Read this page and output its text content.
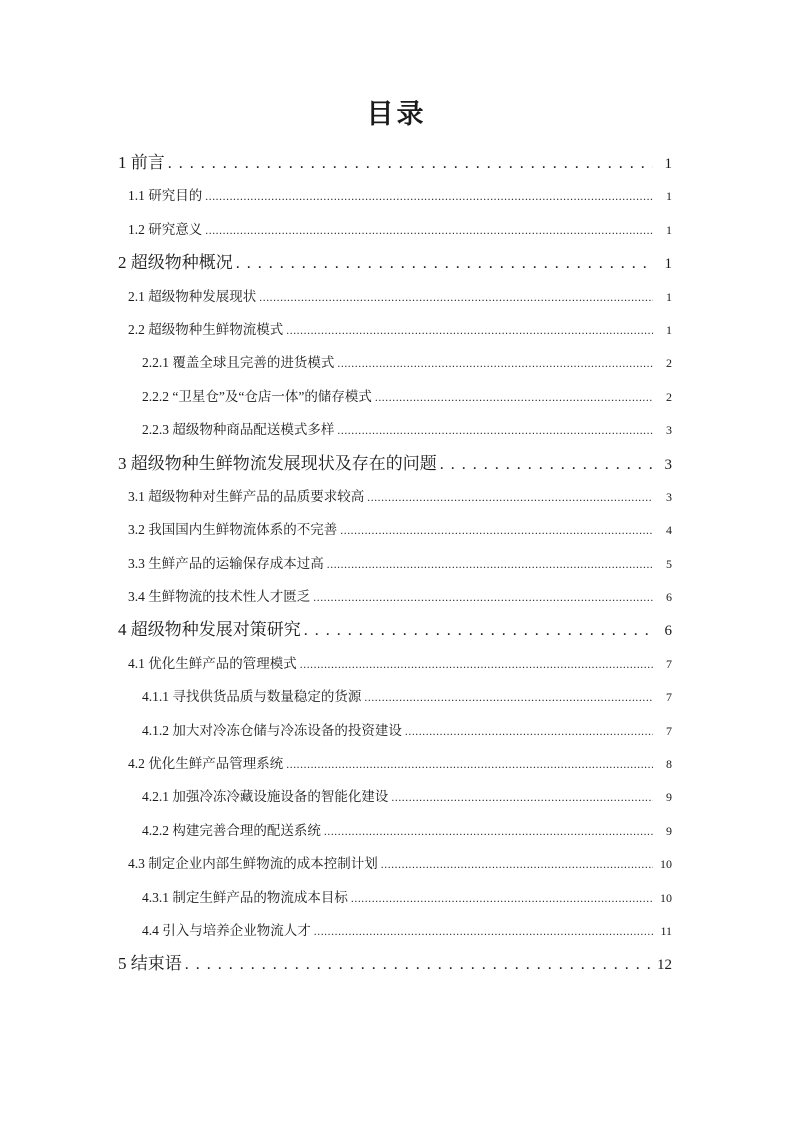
目录
1 前言 . . .	1
1.1 研究目的 .....	1
1.2 研究意义 .....	1
2 超级物种概况 . . .	1
2.1 超级物种发展现状 .....	1
2.2 超级物种生鲜物流模式 .....	1
2.2.1 覆盖全球且完善的进货模式 .....	2
2.2.2 “卫星仓”及“仓店一体”的储存模式 .....	2
2.2.3 超级物种商品配送模式多样 .....	3
3 超级物种生鲜物流发展现状及存在的问题 . . .	3
3.1 超级物种对生鲜产品的品质要求较高 .....	3
3.2 我国国内生鲜物流体系的不完善 .....	4
3.3 生鲜产品的运输保存成本过高 .....	5
3.4 生鲜物流的技术性人才匮乏 .....	6
4 超级物种发展对策研究 . . .	6
4.1 优化生鲜产品的管理模式 .....	7
4.1.1 寻找供货品质与数量稳定的货源 .....	7
4.1.2 加大对冷冻仓储与冷冻设备的投资建设 .....	7
4.2 优化生鲜产品管理系统 .....	8
4.2.1 加强冷冻冷藏设施设备的智能化建设 .....	9
4.2.2 构建完善合理的配送系统 .....	9
4.3 制定企业内部生鲜物流的成本控制计划 .....	10
4.3.1 制定生鲜产品的物流成本目标 .....	10
4.4 引入与培养企业物流人才 .....	11
5 结束语 . . .	12
